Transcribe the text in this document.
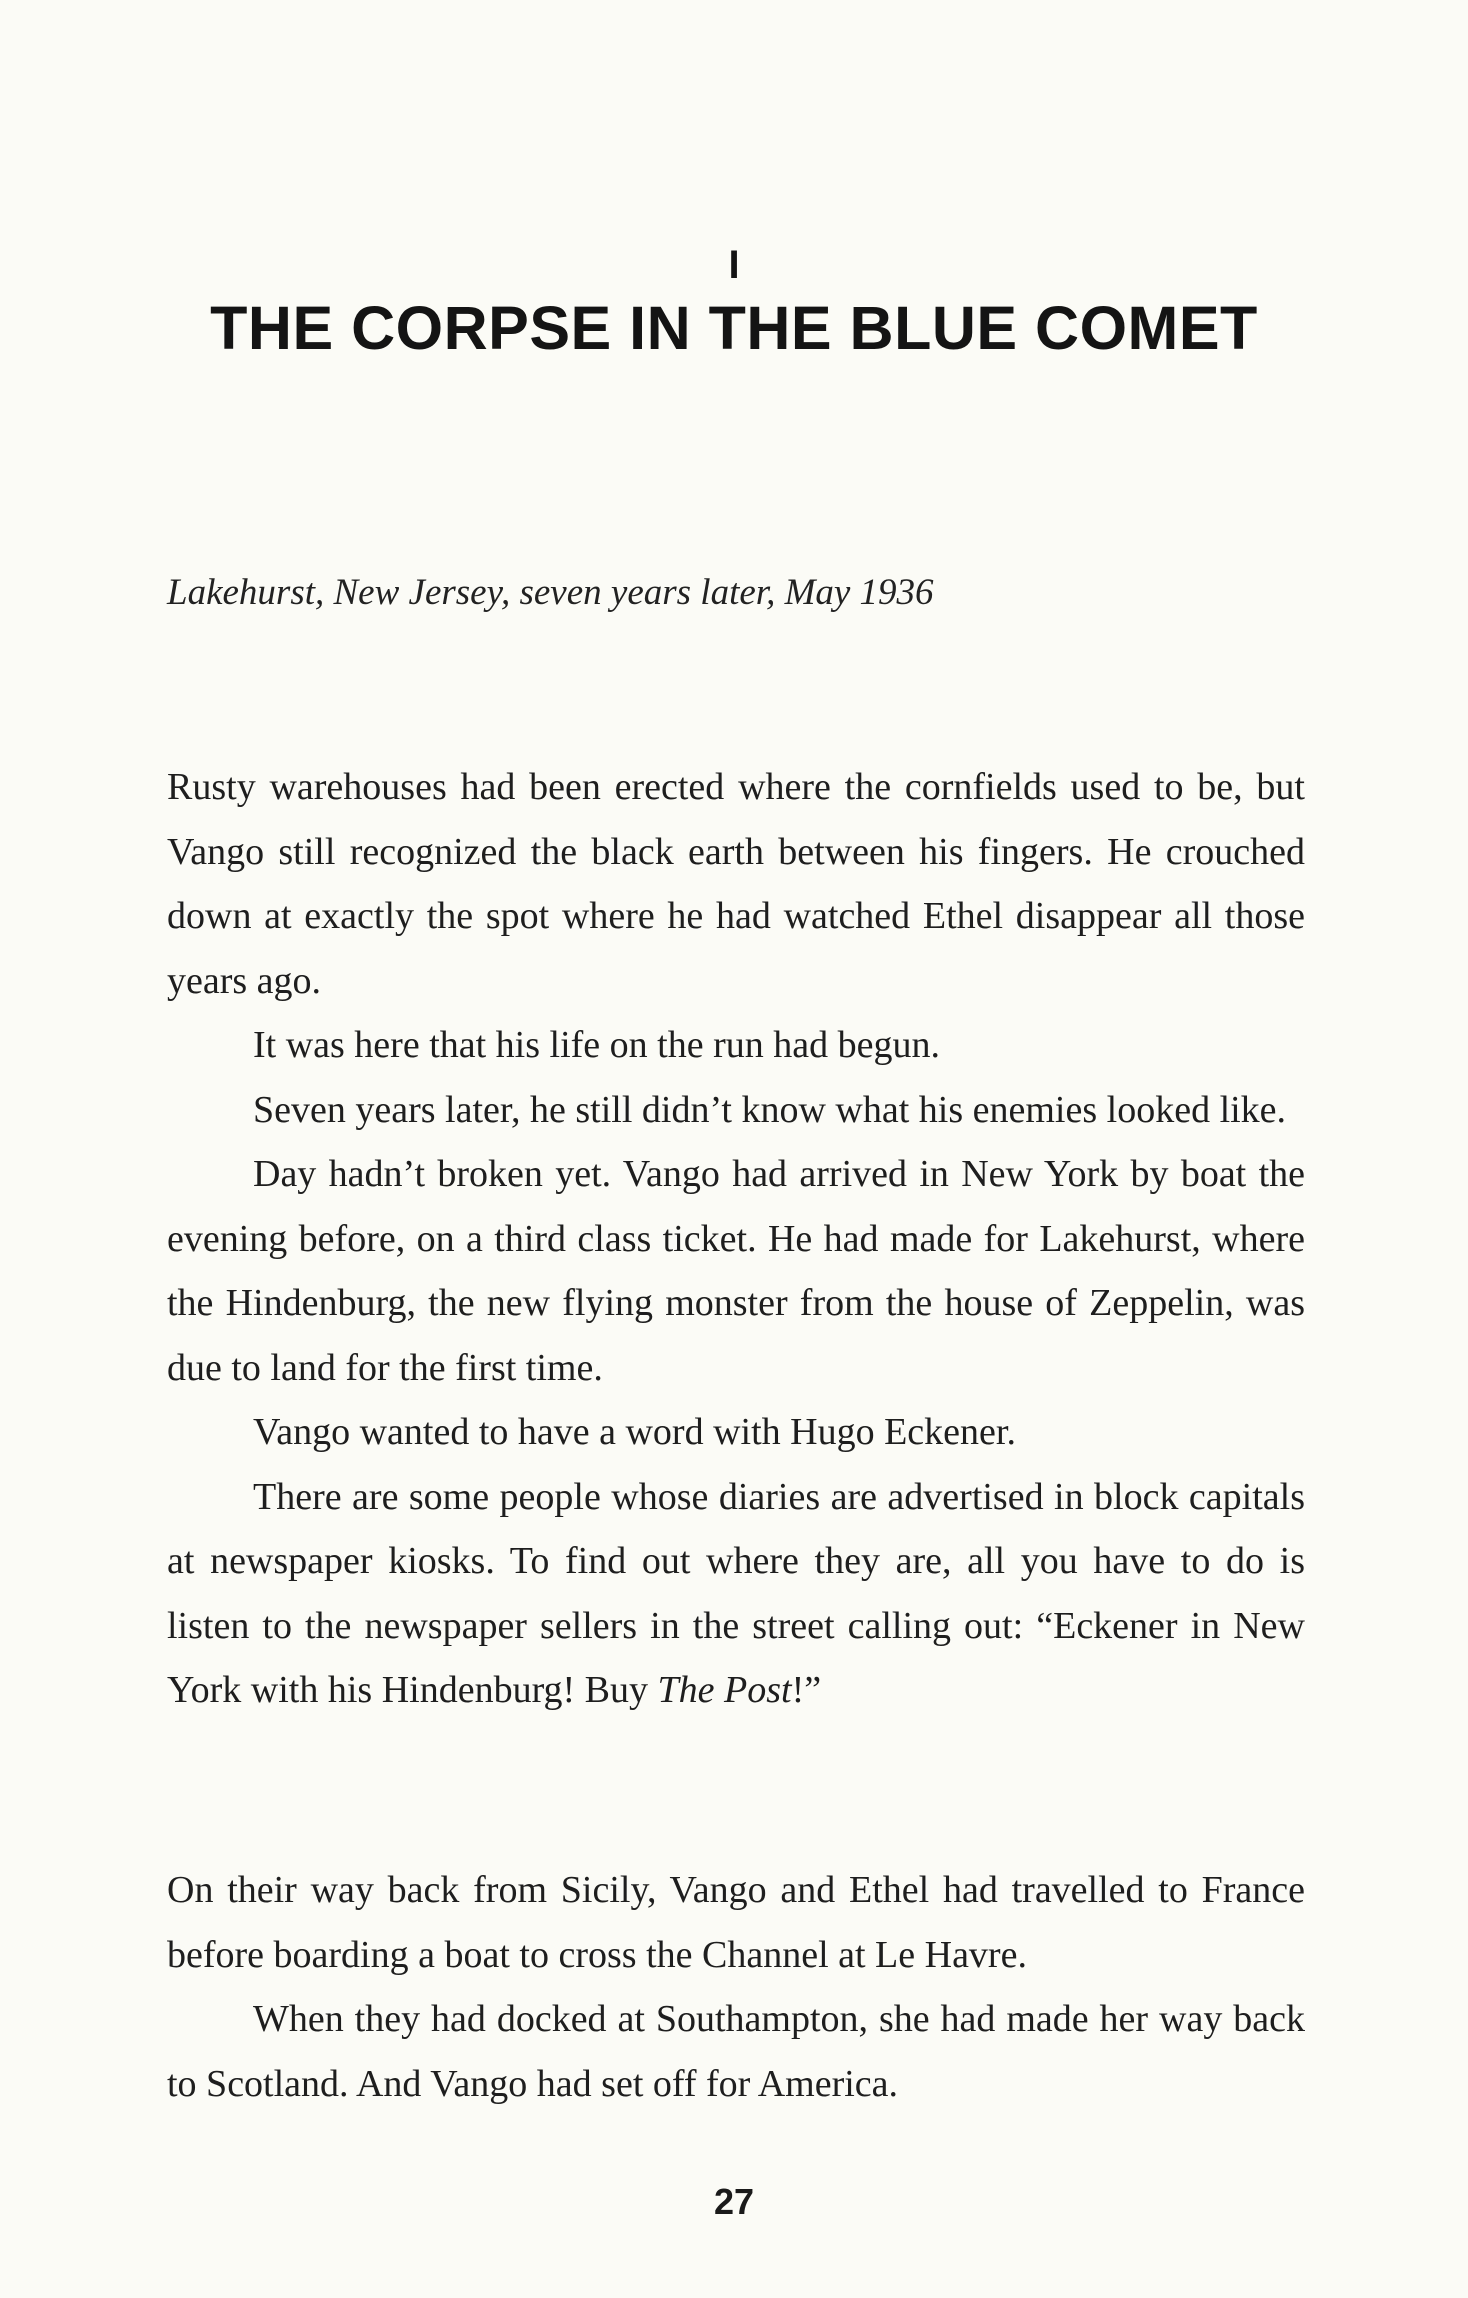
I
THE CORPSE IN THE BLUE COMET
Lakehurst, New Jersey, seven years later, May 1936

Rusty warehouses had been erected where the cornfields used to be, but Vango still recognized the black earth between his fingers. He crouched down at exactly the spot where he had watched Ethel disappear all those years ago.

It was here that his life on the run had begun.

Seven years later, he still didn’t know what his enemies looked like.

Day hadn’t broken yet. Vango had arrived in New York by boat the evening before, on a third class ticket. He had made for Lakehurst, where the Hindenburg, the new flying monster from the house of Zeppelin, was due to land for the first time.

Vango wanted to have a word with Hugo Eckener.

There are some people whose diaries are advertised in block capitals at newspaper kiosks. To find out where they are, all you have to do is listen to the newspaper sellers in the street calling out: “Eckener in New York with his Hindenburg! Buy The Post!”

On their way back from Sicily, Vango and Ethel had travelled to France before boarding a boat to cross the Channel at Le Havre.

When they had docked at Southampton, she had made her way back to Scotland. And Vango had set off for America.

27
